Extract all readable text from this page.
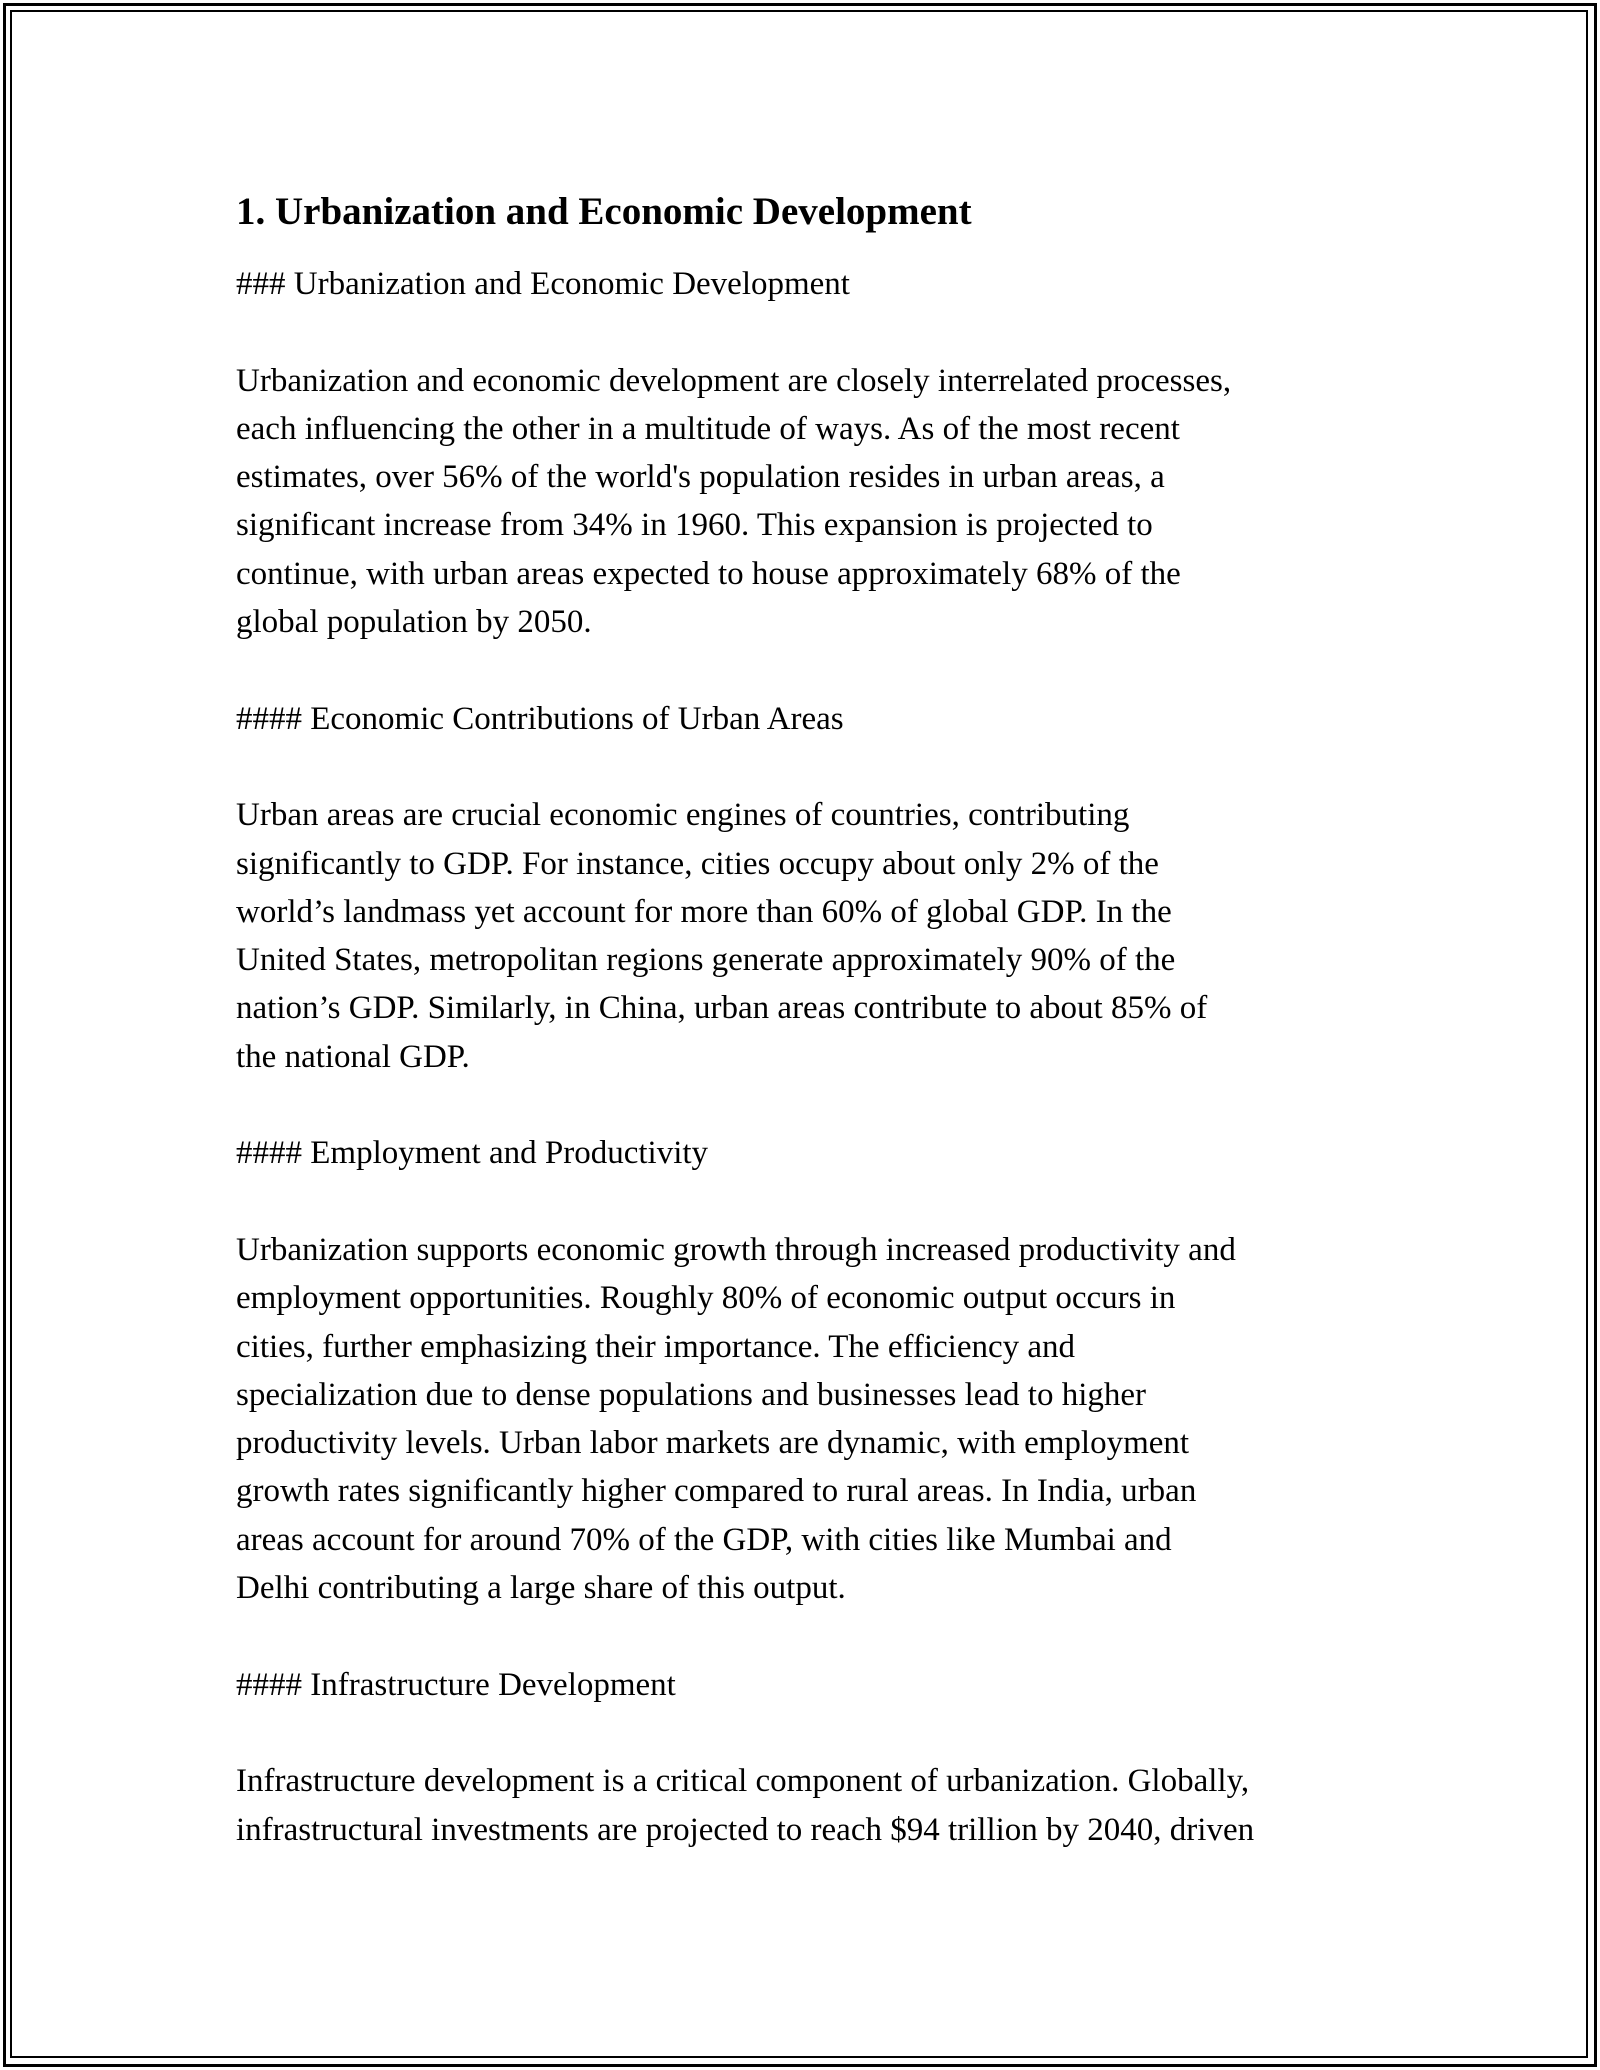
1. Urbanization and Economic Development

### Urbanization and Economic Development

Urbanization and economic development are closely interrelated processes,

each influencing the other in a multitude of ways. As of the most recent

estimates, over 56% of the world's population resides in urban areas, a

significant increase from 34% in 1960. This expansion is projected to

continue, with urban areas expected to house approximately 68% of the

global population by 2050.

#### Economic Contributions of Urban Areas

Urban areas are crucial economic engines of countries, contributing

significantly to GDP. For instance, cities occupy about only 2% of the

world’s landmass yet account for more than 60% of global GDP. In the

United States, metropolitan regions generate approximately 90% of the

nation’s GDP. Similarly, in China, urban areas contribute to about 85% of

the national GDP.

#### Employment and Productivity

Urbanization supports economic growth through increased productivity and

employment opportunities. Roughly 80% of economic output occurs in

cities, further emphasizing their importance. The efficiency and

specialization due to dense populations and businesses lead to higher

productivity levels. Urban labor markets are dynamic, with employment

growth rates significantly higher compared to rural areas. In India, urban

areas account for around 70% of the GDP, with cities like Mumbai and

Delhi contributing a large share of this output.

#### Infrastructure Development

Infrastructure development is a critical component of urbanization. Globally,

infrastructural investments are projected to reach $94 trillion by 2040, driven
